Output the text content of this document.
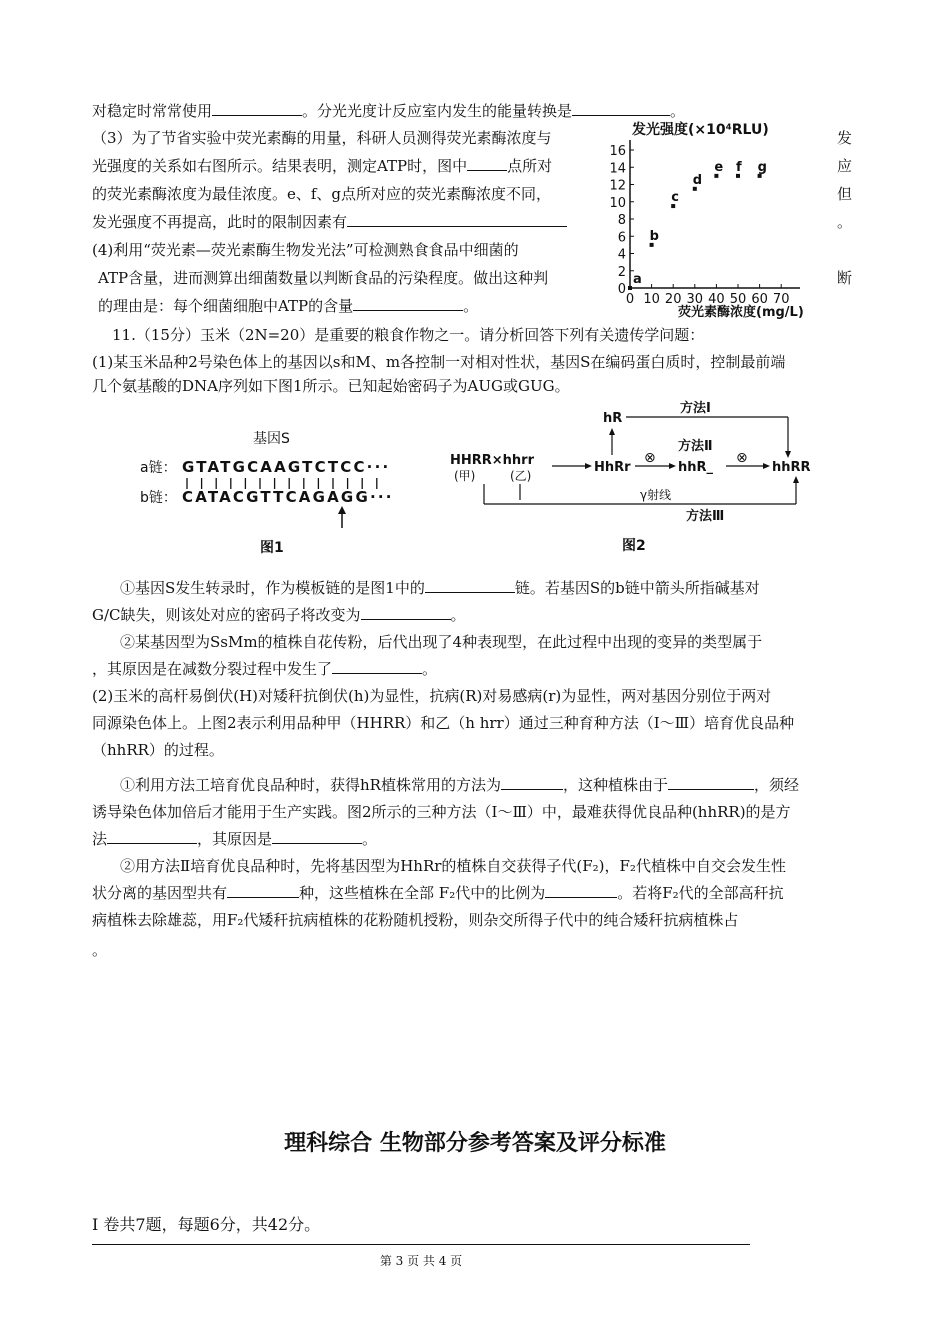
对稳定时常常使用	。分光光度计反应室内发生的能量转换是	。
（3）为了节省实验中荧光素酶的用量，科研人员测得荧光素酶浓度与
光强度的关系如右图所示。结果表明，测定ATP时，图中	点所对
的荧光素酶浓度为最佳浓度。e、f、g点所对应的荧光素酶浓度不同，
发光强度不再提高，此时的限制因素有
(4)利用“荧光素—荧光素酶生物发光法”可检测熟食食品中细菌的
ATP含量，进而测算出细菌数量以判断食品的污染程度。做出这种判
的理由是：每个细菌细胞中ATP的含量	。
发
应
但
。
断
发光强度(×10⁴RLU)
荧光素酶浓度(mg/L)
0
2
4
6
8
10
12
14
16
0 10 20 30 40 50 60 70
a
b
c
d
e f g
11.（15分）玉米（2N=20）是重要的粮食作物之一。请分析回答下列有关遗传学问题：
(1)某玉米品种2号染色体上的基因以s和M、m各控制一对相对性状，基因S在编码蛋白质时，控制最前端
几个氨基酸的DNA序列如下图1所示。已知起始密码子为AUG或GUG。
基因S
a链： GTATGCAAGTCTCC···
b链： CATACGTTCAGAGG···
图1
HHRR×hhrr
(甲)	(乙)
HhRr
hR
方法Ⅰ
方法Ⅱ
⊗
hhR_
⊗
hhRR
γ射线
方法Ⅲ
图2
①基因S发生转录时，作为模板链的是图1中的	链。若基因S的b链中箭头所指碱基对
G/C缺失，则该处对应的密码子将改变为	。
②某基因型为SsMm的植株自花传粉，后代出现了4种表现型，在此过程中出现的变异的类型属于
，其原因是在减数分裂过程中发生了	。
(2)玉米的高杆易倒伏(H)对矮秆抗倒伏(h)为显性，抗病(R)对易感病(r)为显性，两对基因分别位于两对
同源染色体上。上图2表示利用品种甲（HHRR）和乙（h hrr）通过三种育种方法（Ⅰ～Ⅲ）培育优良品种
（hhRR）的过程。
①利用方法工培育优良品种时，获得hR植株常用的方法为	，这种植株由于	，须经
诱导染色体加倍后才能用于生产实践。图2所示的三种方法（Ⅰ～Ⅲ）中，最难获得优良品种(hhRR)的是方
法	，其原因是	。
②用方法Ⅱ培育优良品种时，先将基因型为HhRr的植株自交获得子代(F₂)，F₂代植株中自交会发生性
状分离的基因型共有	种，这些植株在全部 F₂代中的比例为	。若将F₂代的全部高秆抗
病植株去除雄蕊，用F₂代矮秆抗病植株的花粉随机授粉，则杂交所得子代中的纯合矮秆抗病植株占
。
理科综合 生物部分参考答案及评分标准
Ⅰ 卷共7题，每题6分，共42分。
第 3 页 共 4 页
